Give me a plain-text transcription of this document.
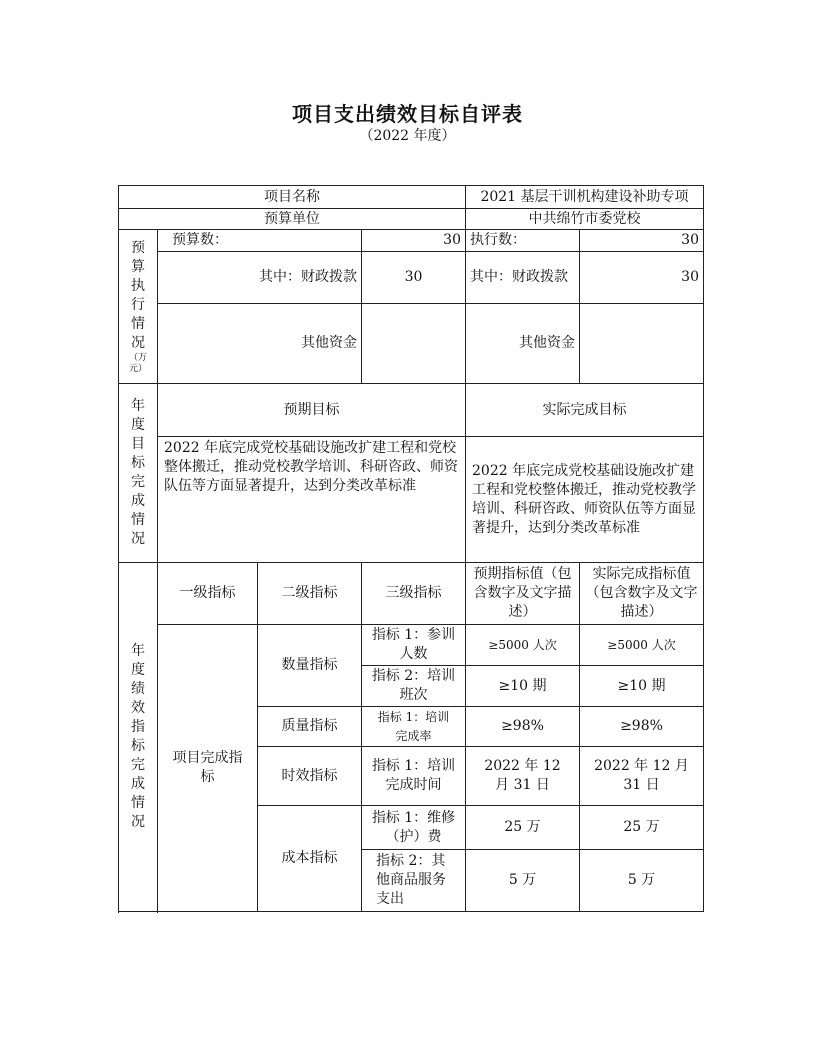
项目支出绩效目标自评表
（2022 年度）
项目名称				2021 基层干训机构建设补助专项	
预算单位				中共绵竹市委党校	

预算执行情况
（万元）	预算数：		30	执行数：	30
	其中：财政拨款		30	其中：财政拨款	30
	其他资金			其他资金	

年度目标完成情况	预期目标			实际完成目标	
	2022 年底完成党校基础设施改扩建工程和党校整体搬迁，推动党校教学培训、科研咨政、师资队伍等方面显著提升，达到分类改革标准			2022 年底完成党校基础设施改扩建工程和党校整体搬迁，推动党校教学培训、科研咨政、师资队伍等方面显著提升，达到分类改革标准	

年度绩效指标完成情况	一级指标	二级指标	三级指标	预期指标值（包含数字及文字描述）	实际完成指标值（包含数字及文字描述）
	项目完成指标	数量指标	指标 1：参训人数	≥5000 人次	≥5000 人次
			指标 2：培训班次	≥10 期	≥10 期
		质量指标	指标 1：培训完成率	≥98%	≥98%
		时效指标	指标 1：培训完成时间	2022 年 12 月 31 日	2022 年 12 月 31 日
		成本指标	指标 1：维修（护）费	25 万	25 万
			指标 2：其他商品服务支出	5 万	5 万
